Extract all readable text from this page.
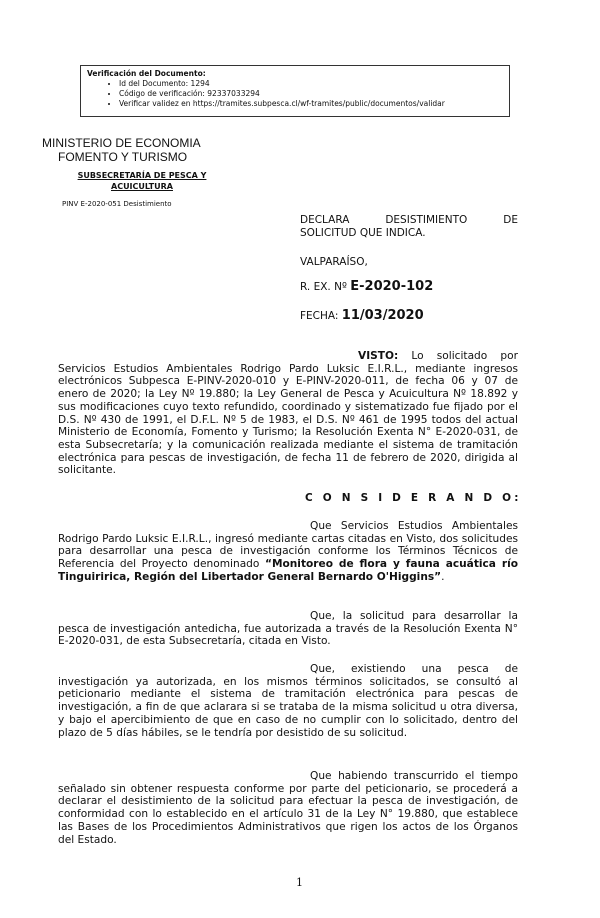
Verificación del Documento:
• Id del Documento: 1294
• Código de verificación: 92337033294
• Verificar validez en https://tramites.subpesca.cl/wf-tramites/public/documentos/validar
MINISTERIO DE ECONOMIA
FOMENTO Y TURISMO
SUBSECRETARÍA DE PESCA Y ACUICULTURA
PINV E-2020-051 Desistimiento
DECLARA DESISTIMIENTO DE
SOLICITUD QUE INDICA.
VALPARAÍSO,
R. EX. Nº E-2020-102
FECHA: 11/03/2020
VISTO: Lo solicitado por Servicios Estudios Ambientales Rodrigo Pardo Luksic E.I.R.L., mediante ingresos electrónicos Subpesca E-PINV-2020-010 y E-PINV-2020-011, de fecha 06 y 07 de enero de 2020; la Ley Nº 19.880; la Ley General de Pesca y Acuicultura Nº 18.892 y sus modificaciones cuyo texto refundido, coordinado y sistematizado fue fijado por el D.S. Nº 430 de 1991, el D.F.L. Nº 5 de 1983, el D.S. Nº 461 de 1995 todos del actual Ministerio de Economía, Fomento y Turismo; la Resolución Exenta N° E-2020-031, de esta Subsecretaría; y la comunicación realizada mediante el sistema de tramitación electrónica para pescas de investigación, de fecha 11 de febrero de 2020, dirigida al solicitante.
C O N S I D E R A N D O:
Que Servicios Estudios Ambientales Rodrigo Pardo Luksic E.I.R.L., ingresó mediante cartas citadas en Visto, dos solicitudes para desarrollar una pesca de investigación conforme los Términos Técnicos de Referencia del Proyecto denominado “Monitoreo de flora y fauna acuática río Tinguiririca, Región del Libertador General Bernardo O'Higgins”.
Que, la solicitud para desarrollar la pesca de investigación antedicha, fue autorizada a través de la Resolución Exenta N° E-2020-031, de esta Subsecretaría, citada en Visto.
Que, existiendo una pesca de investigación ya autorizada, en los mismos términos solicitados, se consultó al peticionario mediante el sistema de tramitación electrónica para pescas de investigación, a fin de que aclarara si se trataba de la misma solicitud u otra diversa, y bajo el apercibimiento de que en caso de no cumplir con lo solicitado, dentro del plazo de 5 días hábiles, se le tendría por desistido de su solicitud.
Que habiendo transcurrido el tiempo señalado sin obtener respuesta conforme por parte del peticionario, se procederá a declarar el desistimiento de la solicitud para efectuar la pesca de investigación, de conformidad con lo establecido en el artículo 31 de la Ley N° 19.880, que establece las Bases de los Procedimientos Administrativos que rigen los actos de los Órganos del Estado.
1
